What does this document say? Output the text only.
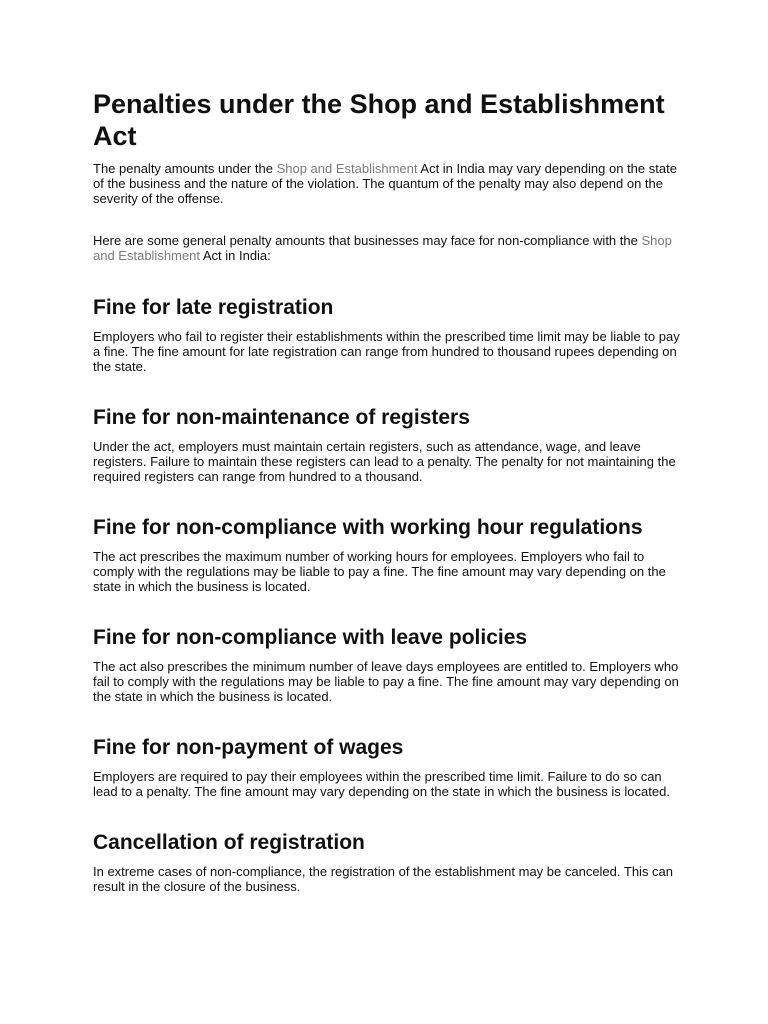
Penalties under the Shop and Establishment Act

The penalty amounts under the Shop and Establishment Act in India may vary depending on the state of the business and the nature of the violation. The quantum of the penalty may also depend on the severity of the offense.

Here are some general penalty amounts that businesses may face for non-compliance with the Shop and Establishment Act in India:

Fine for late registration

Employers who fail to register their establishments within the prescribed time limit may be liable to pay a fine. The fine amount for late registration can range from hundred to thousand rupees depending on the state.

Fine for non-maintenance of registers

Under the act, employers must maintain certain registers, such as attendance, wage, and leave registers. Failure to maintain these registers can lead to a penalty. The penalty for not maintaining the required registers can range from hundred to a thousand.

Fine for non-compliance with working hour regulations

The act prescribes the maximum number of working hours for employees. Employers who fail to comply with the regulations may be liable to pay a fine. The fine amount may vary depending on the state in which the business is located.

Fine for non-compliance with leave policies

The act also prescribes the minimum number of leave days employees are entitled to. Employers who fail to comply with the regulations may be liable to pay a fine. The fine amount may vary depending on the state in which the business is located.

Fine for non-payment of wages

Employers are required to pay their employees within the prescribed time limit. Failure to do so can lead to a penalty. The fine amount may vary depending on the state in which the business is located.

Cancellation of registration

In extreme cases of non-compliance, the registration of the establishment may be canceled. This can result in the closure of the business.
